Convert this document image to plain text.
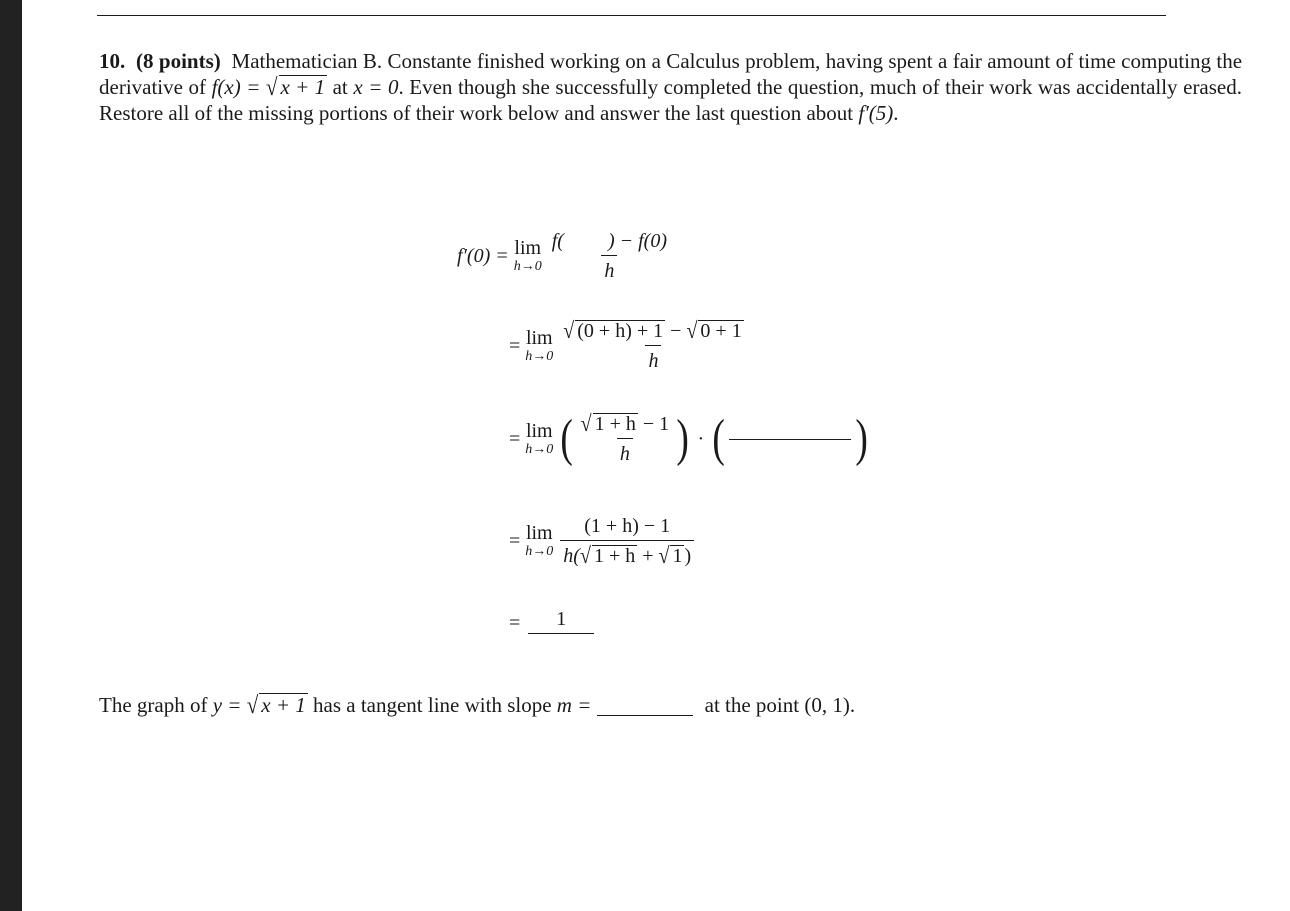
10. (8 points) Mathematician B. Constante finished working on a Calculus problem, having spent a fair amount of time computing the derivative of f(x) = √ x + 1 at x = 0. Even though she successfully completed the question, much of their work was accidentally erased. Restore all of the missing portions of their work below and answer the last question about f′(5).

f′(0) = lim
$h\to 0 \frac{f( ) - f(0)}{h}$
= lim
$h\to 0 \frac{√ (0 + h) + 1 - √ 0 + 1}{h}$
= lim
h→0 ( $\frac{√ 1 + h - 1}{h}$ ) · (	)
= lim
$h\to 0 \frac{(1 + h) - 1}{h(√ 1 + h + √ 1 )}$
= 1
The graph of y = √ x + 1 has a tangent line with slope m =	at the point (0, 1).
